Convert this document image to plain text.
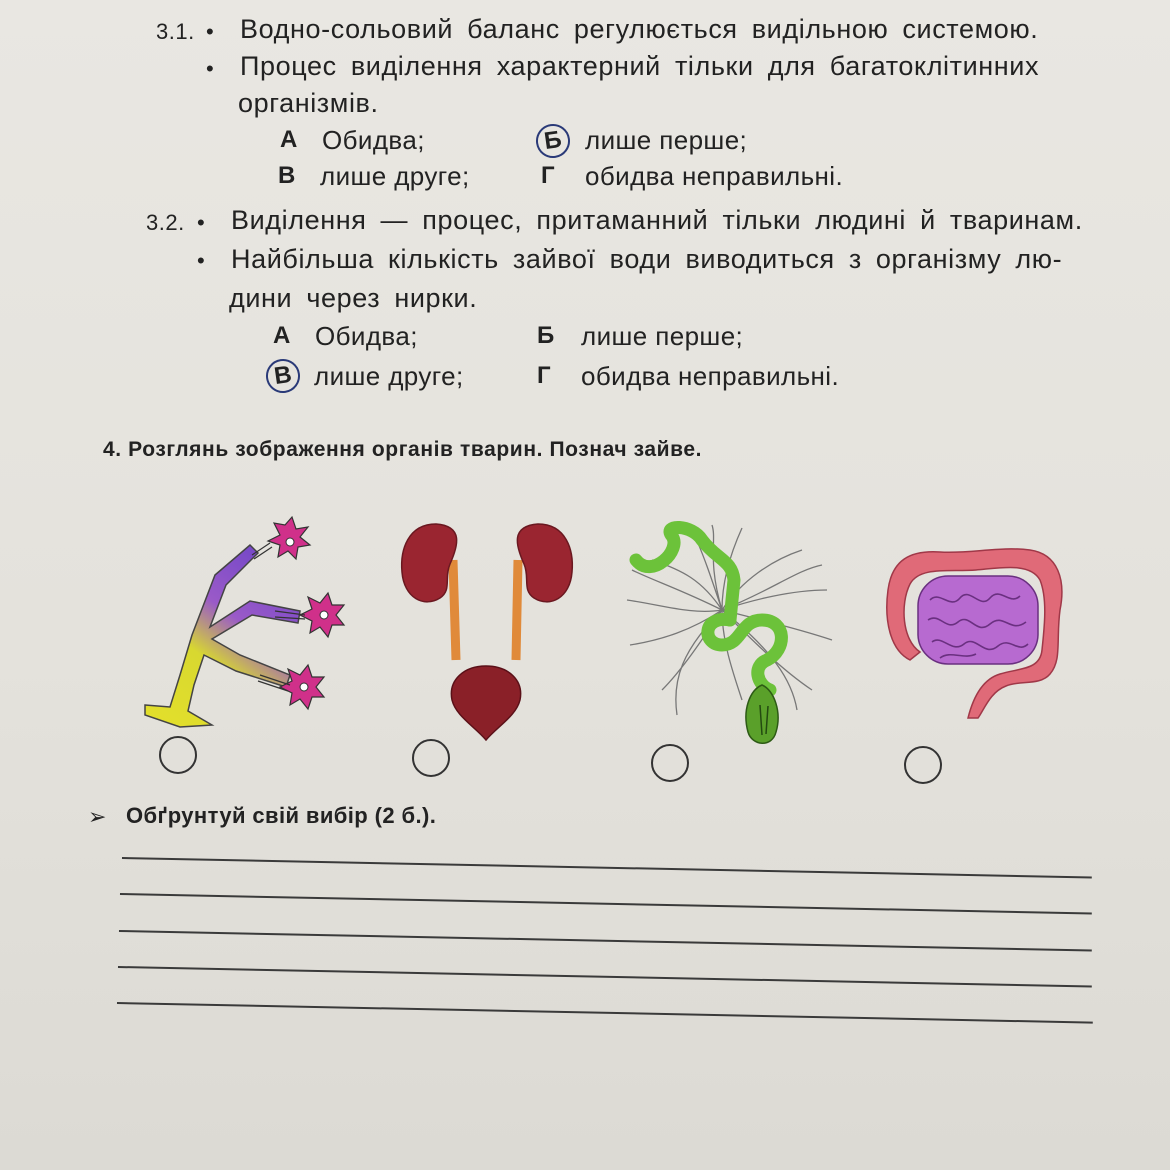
3.1. • Водно-сольовий баланс регулюється видільною системою.
• Процес виділення характерний тільки для багатоклітинних
організмів.
А Обидва;	Б лише перше;
В лише друге;	Г обидва неправильні.
3.2. • Виділення — процес, притаманний тільки людині й тваринам.
• Найбільша кількість зайвої води виводиться з організму лю-
дини через нирки.
А Обидва;	Б лише перше;
В лише друге;	Г обидва неправильні.
4. Розглянь зображення органів тварин. Познач зайве.
➢ Обґрунтуй свій вибір (2 б.).
